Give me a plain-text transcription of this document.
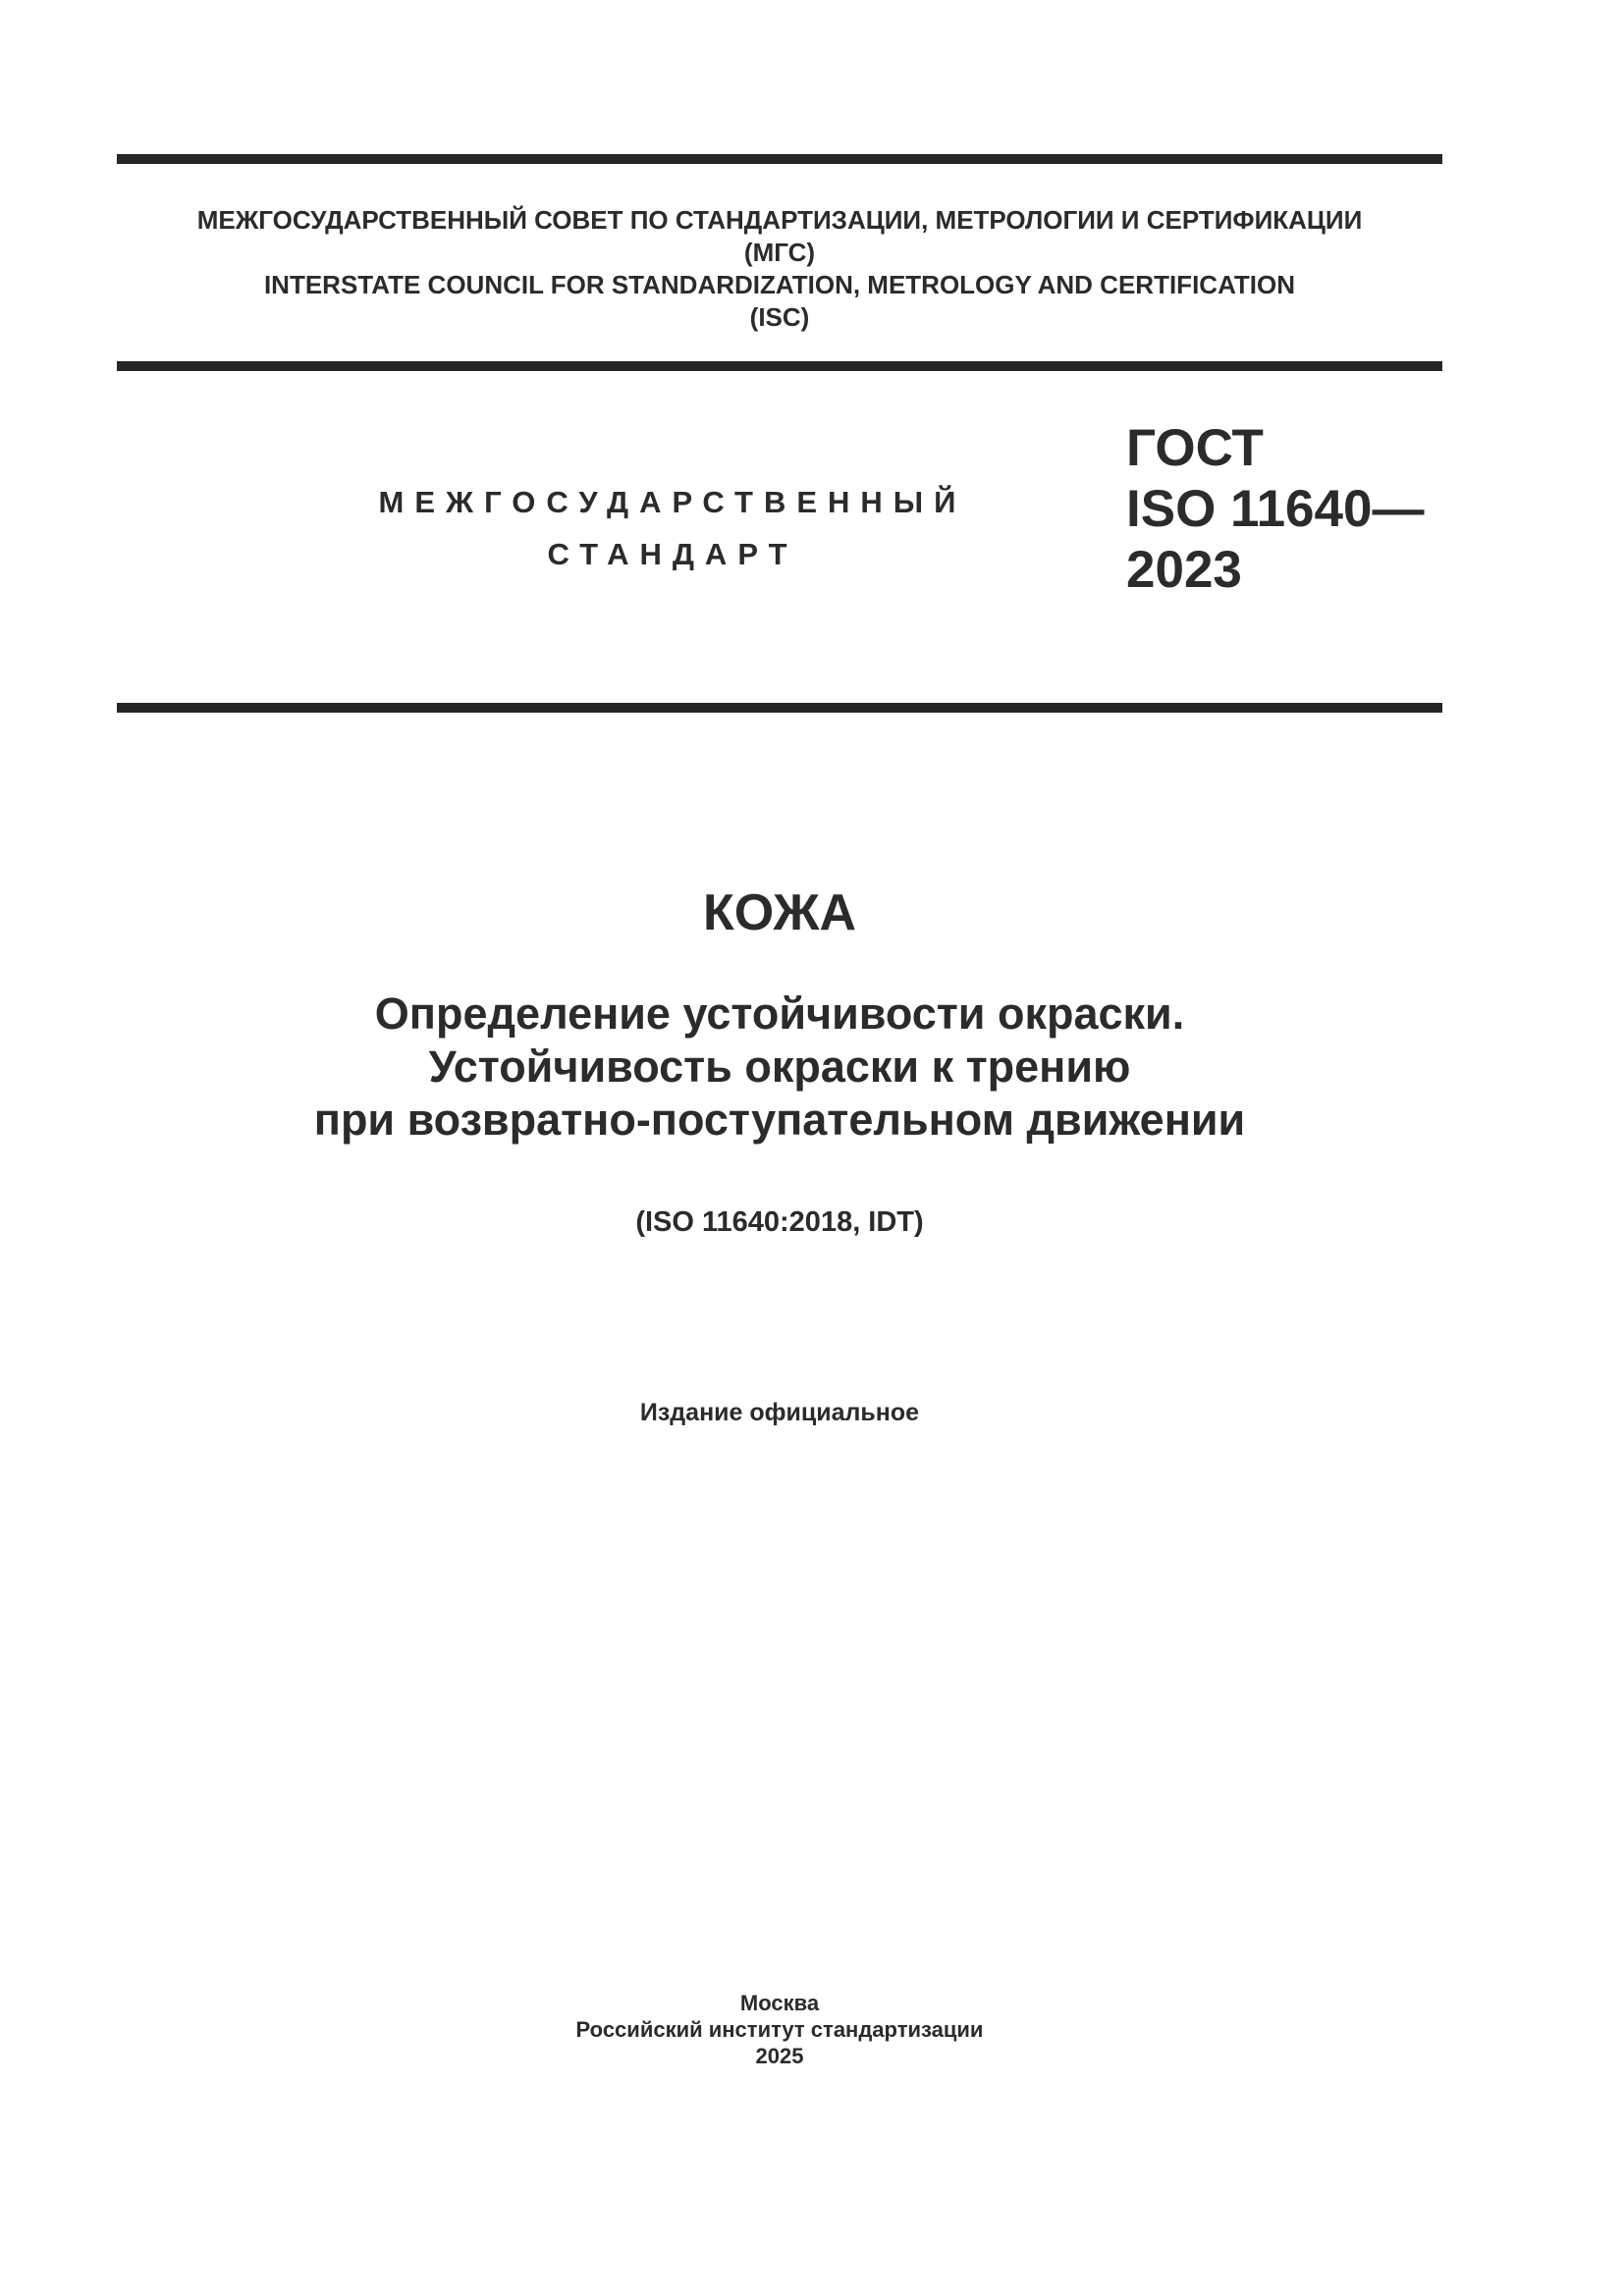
МЕЖГОСУДАРСТВЕННЫЙ СОВЕТ ПО СТАНДАРТИЗАЦИИ, МЕТРОЛОГИИ И СЕРТИФИКАЦИИ
(МГС)
INTERSTATE COUNCIL FOR STANDARDIZATION, METROLOGY AND CERTIFICATION
(ISC)
МЕЖГОСУДАРСТВЕННЫЙ
СТАНДАРТ
ГОСТ
ISO 11640—
2023
КОЖА
Определение устойчивости окраски.
Устойчивость окраски к трению
при возвратно-поступательном движении
(ISO 11640:2018, IDT)
Издание официальное
Москва
Российский институт стандартизации
2025
